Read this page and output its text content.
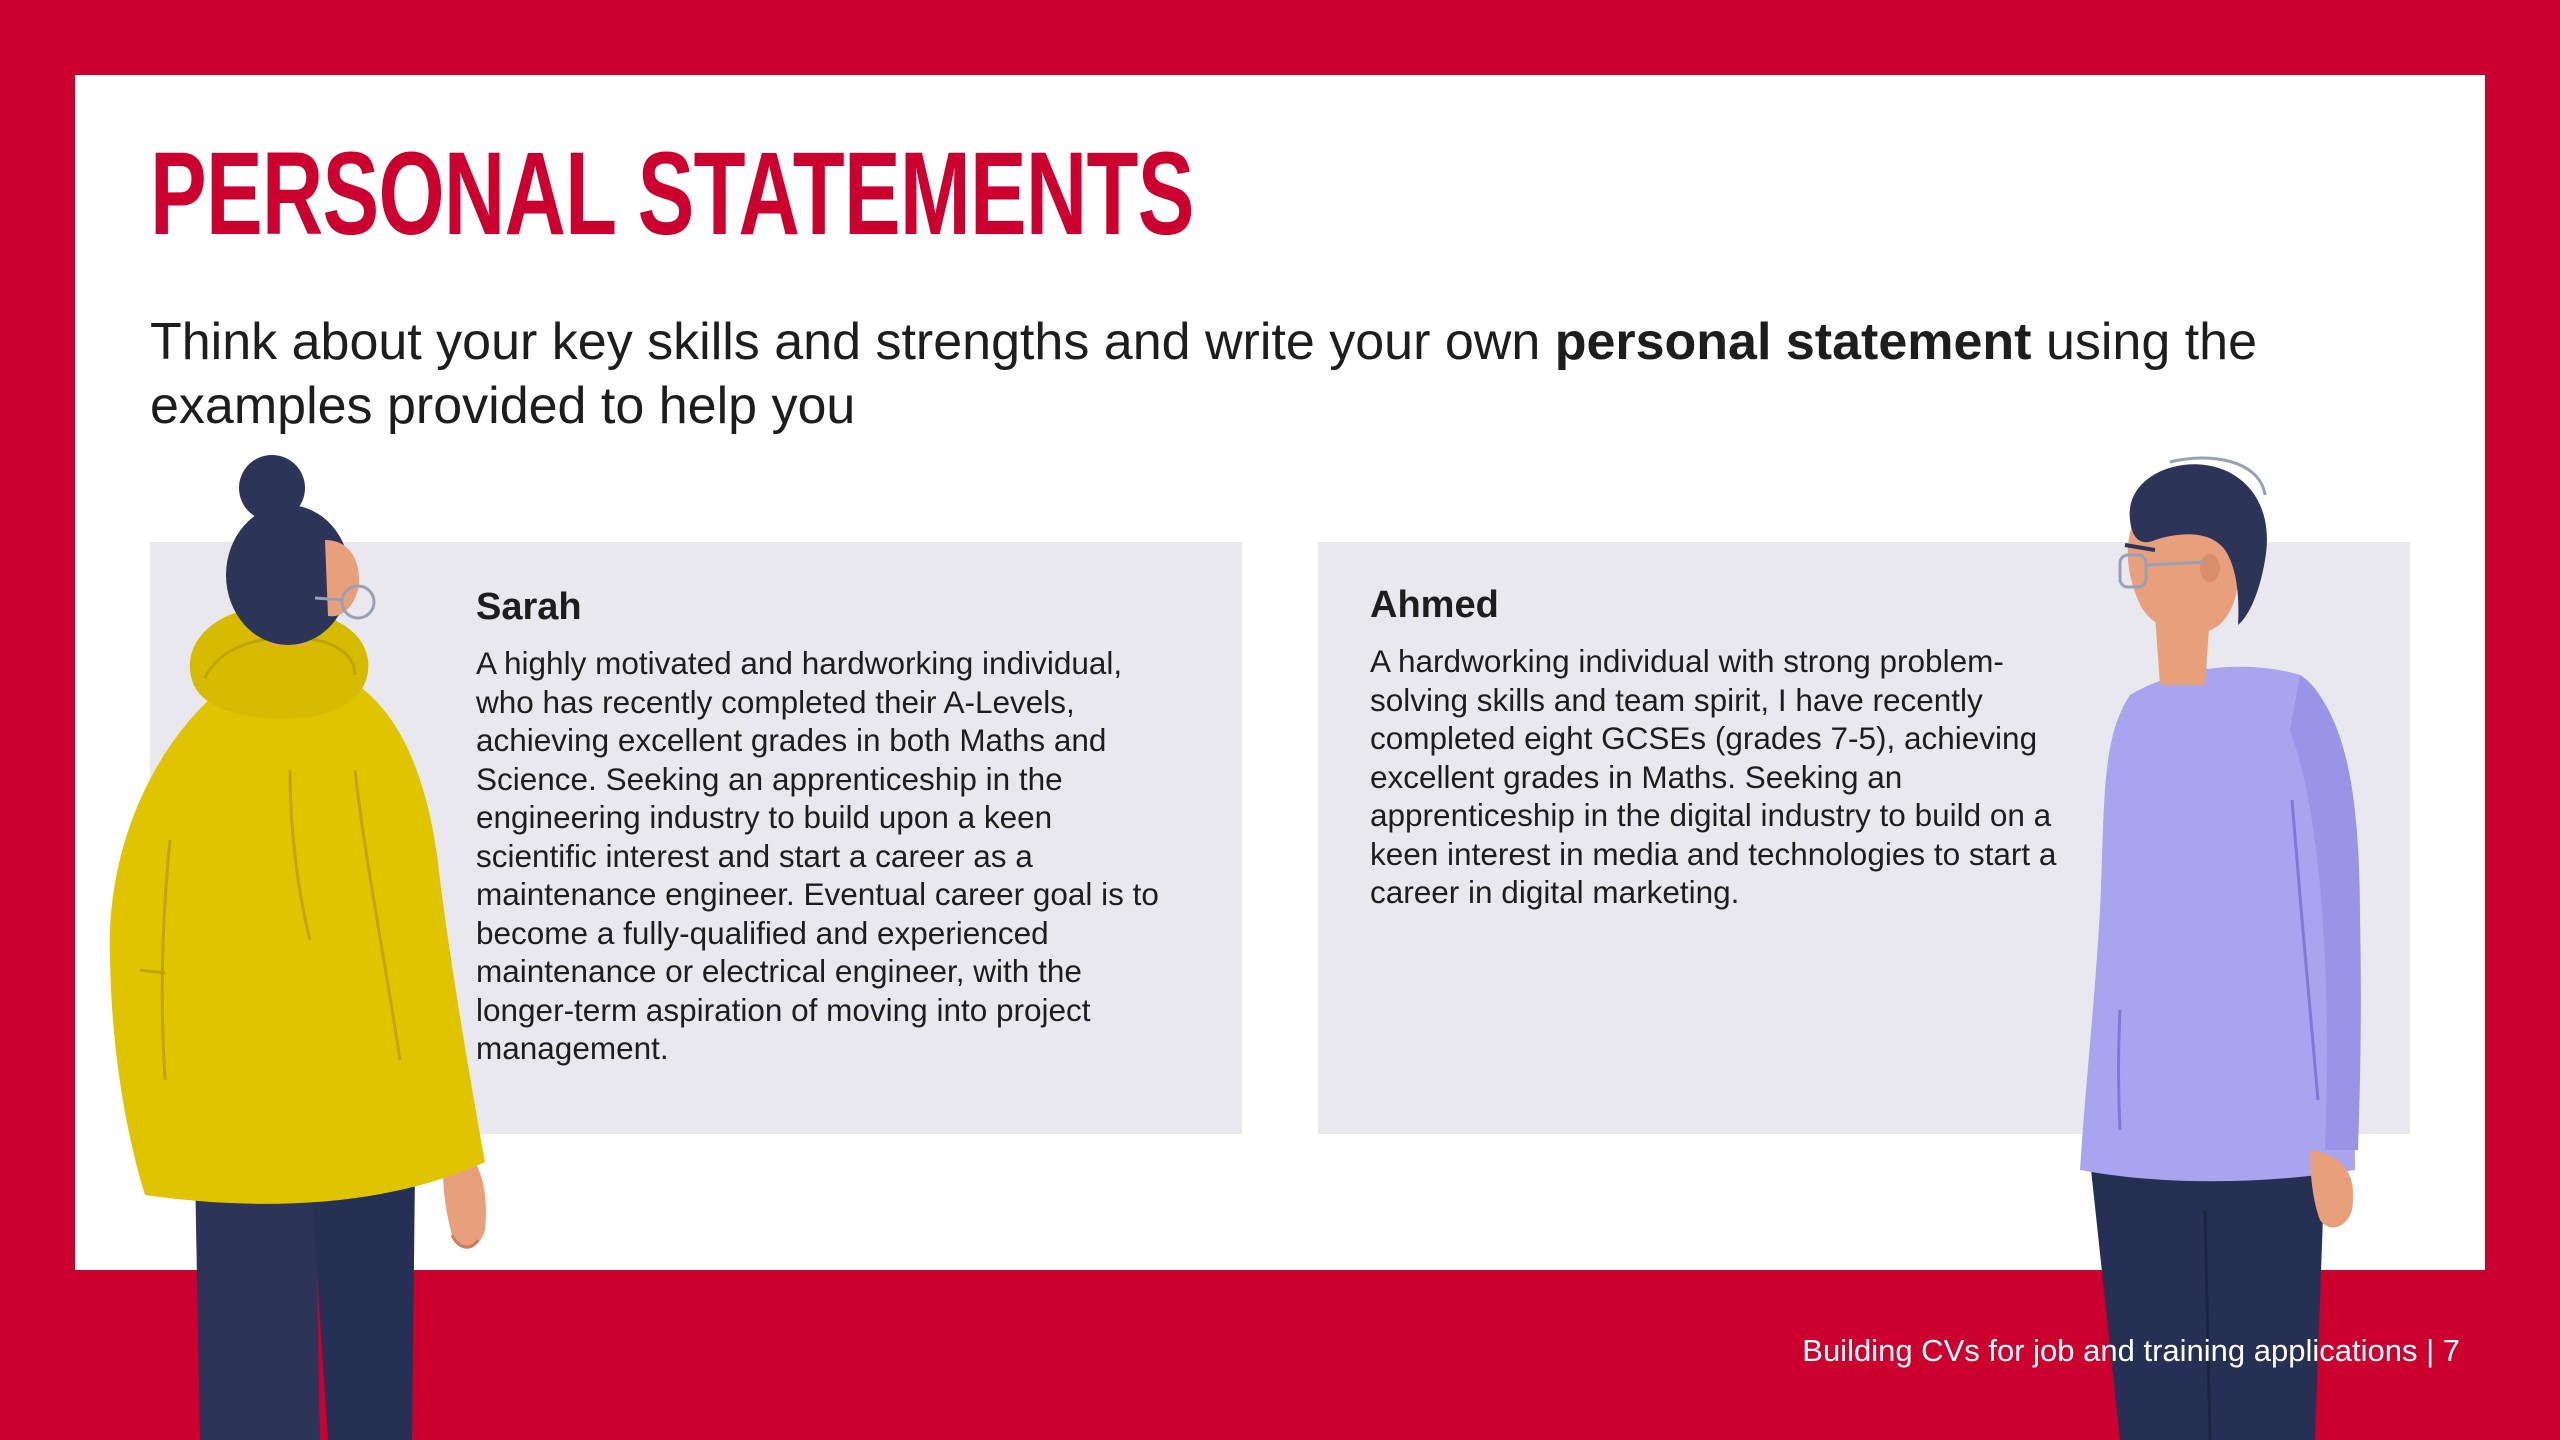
PERSONAL STATEMENTS

Think about your key skills and strengths and write your own personal statement using the examples provided to help you

Sarah

A highly motivated and hardworking individual, who has recently completed their A-Levels, achieving excellent grades in both Maths and Science. Seeking an apprenticeship in the engineering industry to build upon a keen scientific interest and start a career as a maintenance engineer. Eventual career goal is to become a fully-qualified and experienced maintenance or electrical engineer, with the longer-term aspiration of moving into project management.

Ahmed

A hardworking individual with strong problem-solving skills and team spirit, I have recently completed eight GCSEs (grades 7-5), achieving excellent grades in Maths. Seeking an apprenticeship in the digital industry to build on a keen interest in media and technologies to start a career in digital marketing.

Building CVs for job and training applications | 7
